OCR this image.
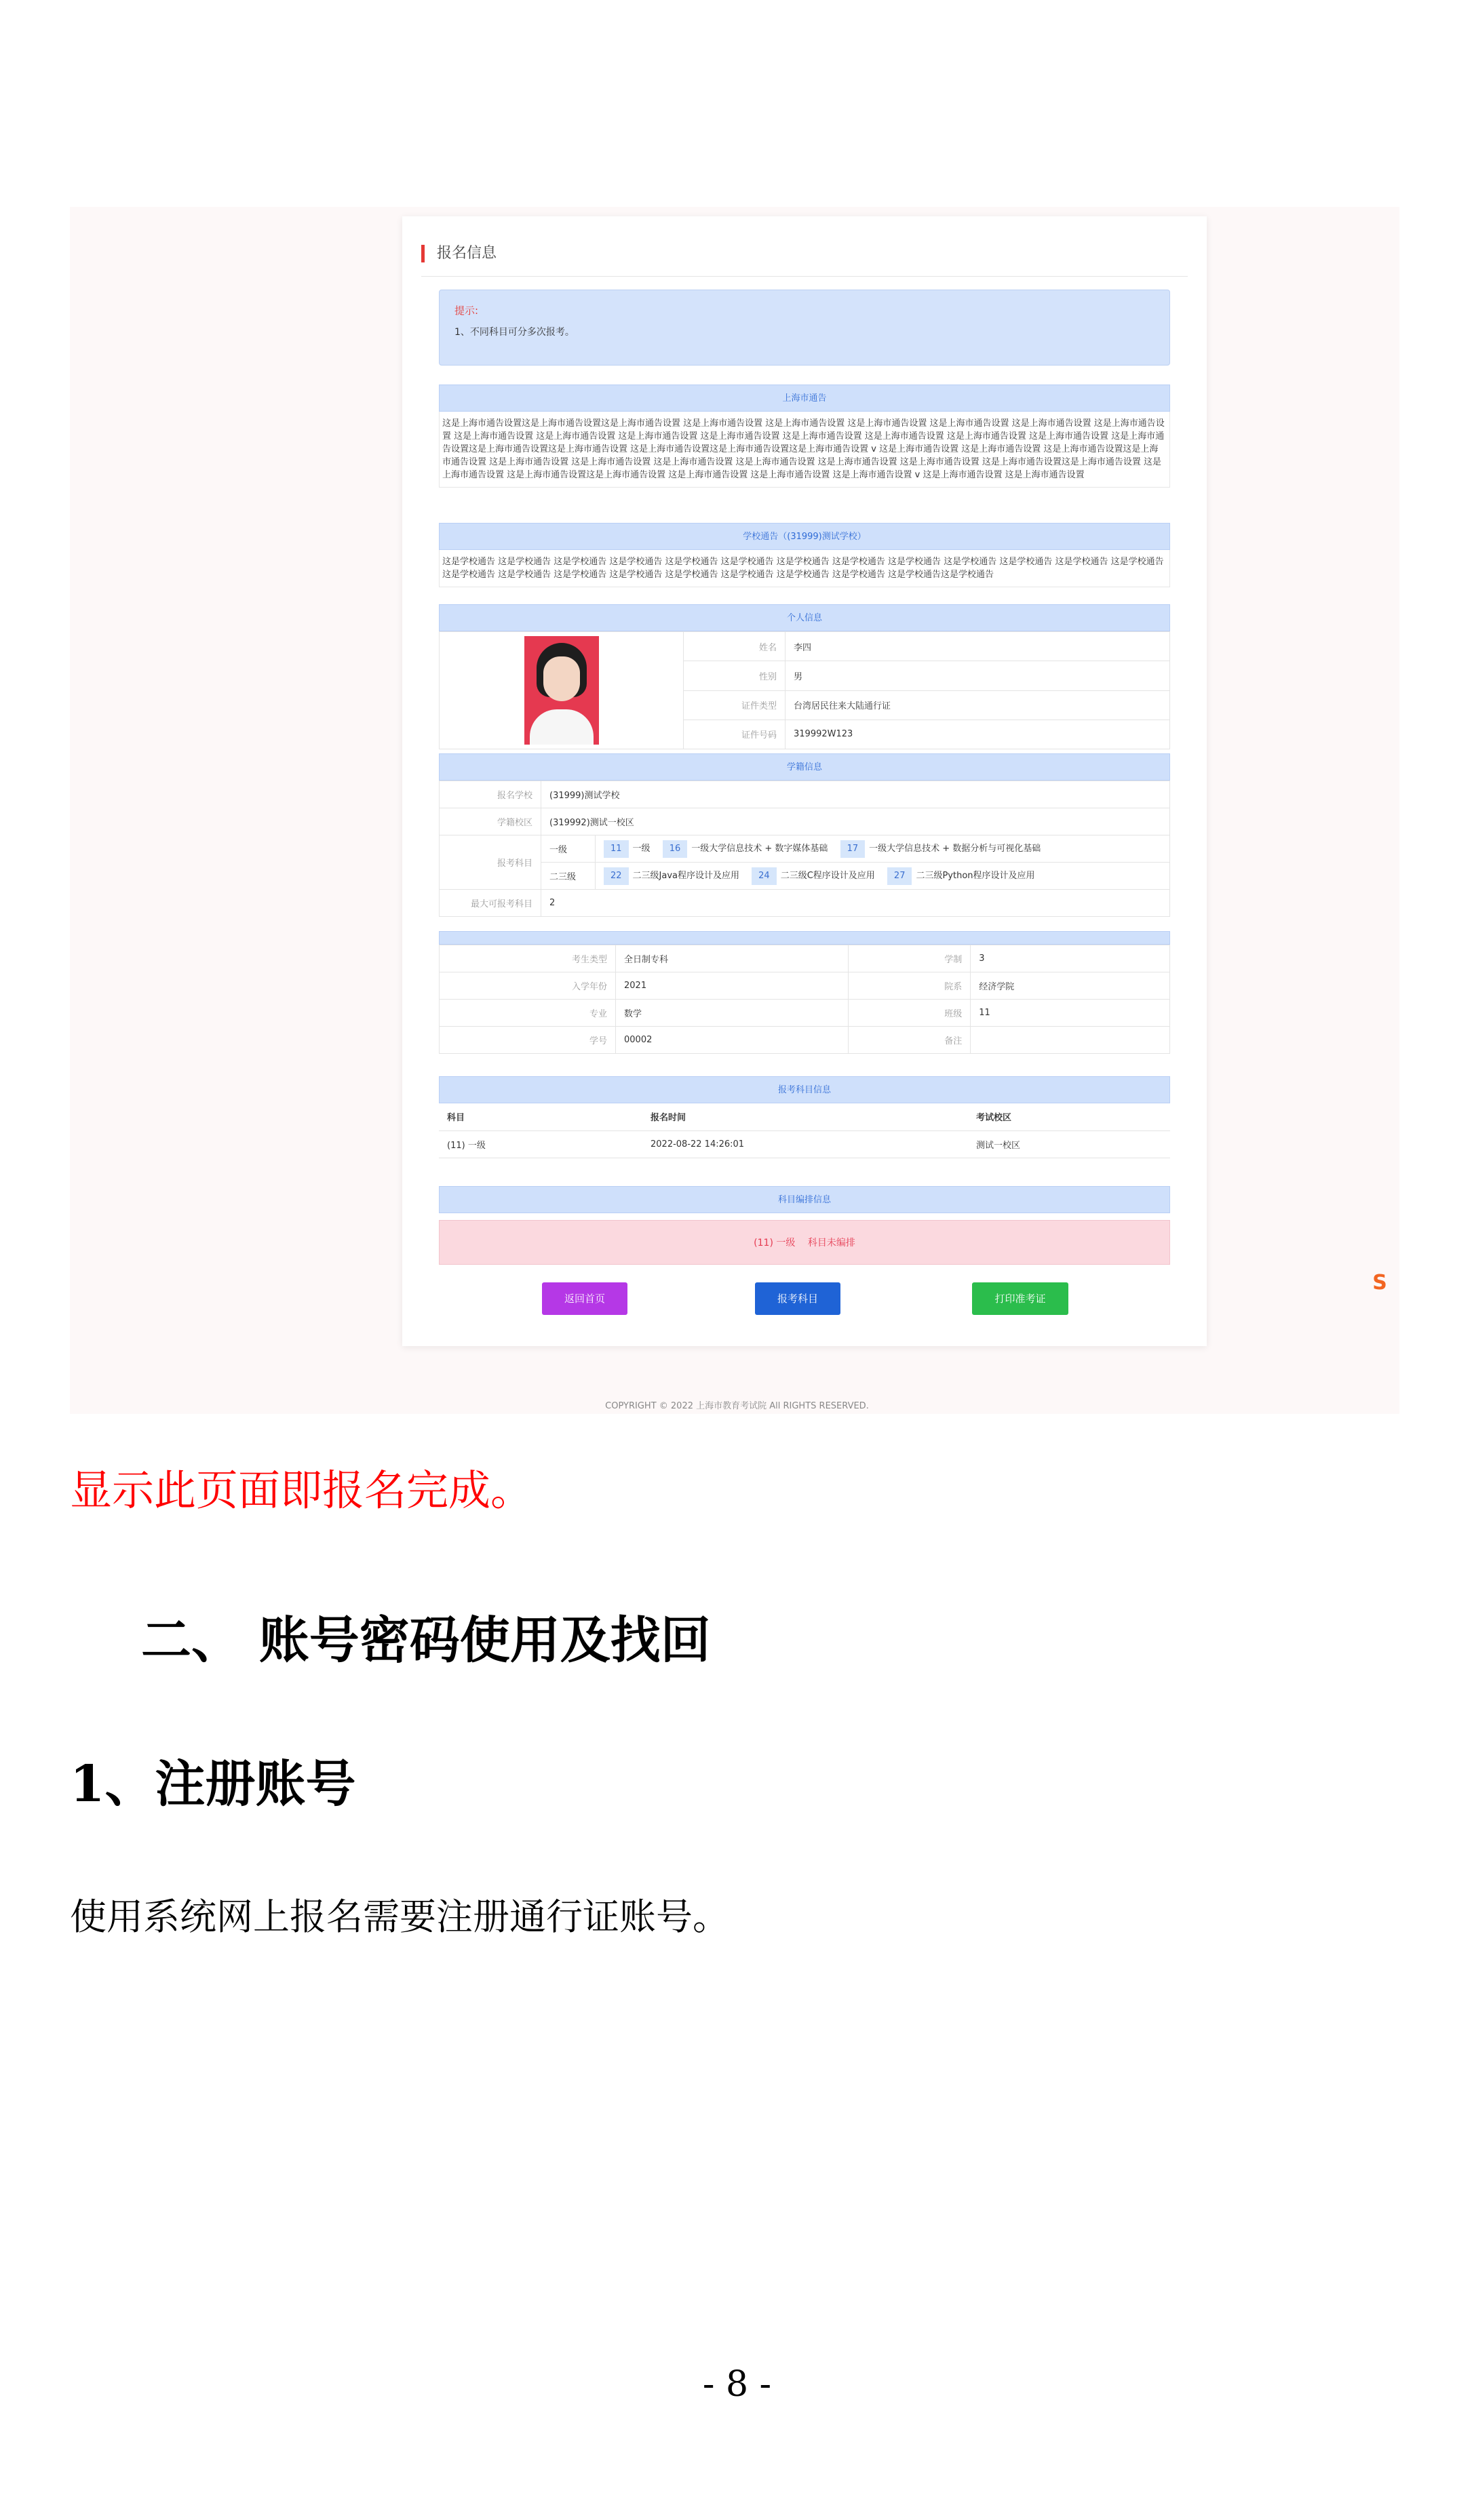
报名信息
提示:
1、不同科目可分多次报考。
上海市通告
这是上海市通告设置这是上海市通告设置这是上海市通告设置 这是上海市通告设置 这是上海市通告设置 这是上海市通告设置 这是上海市通告设置 这是上海市通告设置 这是上海市通告设置 这是上海市通告设置 这是上海市通告设置 这是上海市通告设置 这是上海市通告设置 这是上海市通告设置 这是上海市通告设置 这是上海市通告设置 这是上海市通告设置 这是上海市通告设置这是上海市通告设置这是上海市通告设置 这是上海市通告设置这是上海市通告设置这是上海市通告设置 v 这是上海市通告设置 这是上海市通告设置 这是上海市通告设置这是上海市通告设置 这是上海市通告设置 这是上海市通告设置 这是上海市通告设置 这是上海市通告设置 这是上海市通告设置 这是上海市通告设置 这是上海市通告设置这是上海市通告设置 这是上海市通告设置 这是上海市通告设置这是上海市通告设置 这是上海市通告设置 这是上海市通告设置 这是上海市通告设置 v 这是上海市通告设置 这是上海市通告设置
学校通告（(31999)测试学校）
这是学校通告 这是学校通告 这是学校通告 这是学校通告 这是学校通告 这是学校通告 这是学校通告 这是学校通告 这是学校通告 这是学校通告 这是学校通告 这是学校通告 这是学校通告 这是学校通告 这是学校通告 这是学校通告 这是学校通告 这是学校通告 这是学校通告 这是学校通告 这是学校通告 这是学校通告这是学校通告
个人信息
	姓名	李四
	性别	男
	证件类型	台湾居民往来大陆通行证
	证件号码	319992W123
学籍信息
报名学校	(31999)测试学校	
学籍校区	(319992)测试一校区	
报考科目	一级	11 一级 16 一级大学信息技术 + 数字媒体基础 17 一级大学信息技术 + 数据分析与可视化基础
	二三级	22 二三级Java程序设计及应用 24 二三级C程序设计及应用 27 二三级Python程序设计及应用
最大可报考科目	2	
考生类型	全日制专科	学制	3
入学年份	2021	院系	经济学院
专业	数学	班级	11
学号	00002	备注	
报考科目信息
科目	报名时间	考试校区
(11) 一级	2022-08-22 14:26:01	测试一校区
科目编排信息
(11) 一级 科目未编排
返回首页	报考科目	打印准考证
S
COPYRIGHT © 2022 上海市教育考试院 All RIGHTS RESERVED.
显示此页面即报名完成。
二、 账号密码使用及找回
1、注册账号
使用系统网上报名需要注册通行证账号。
- 8 -
